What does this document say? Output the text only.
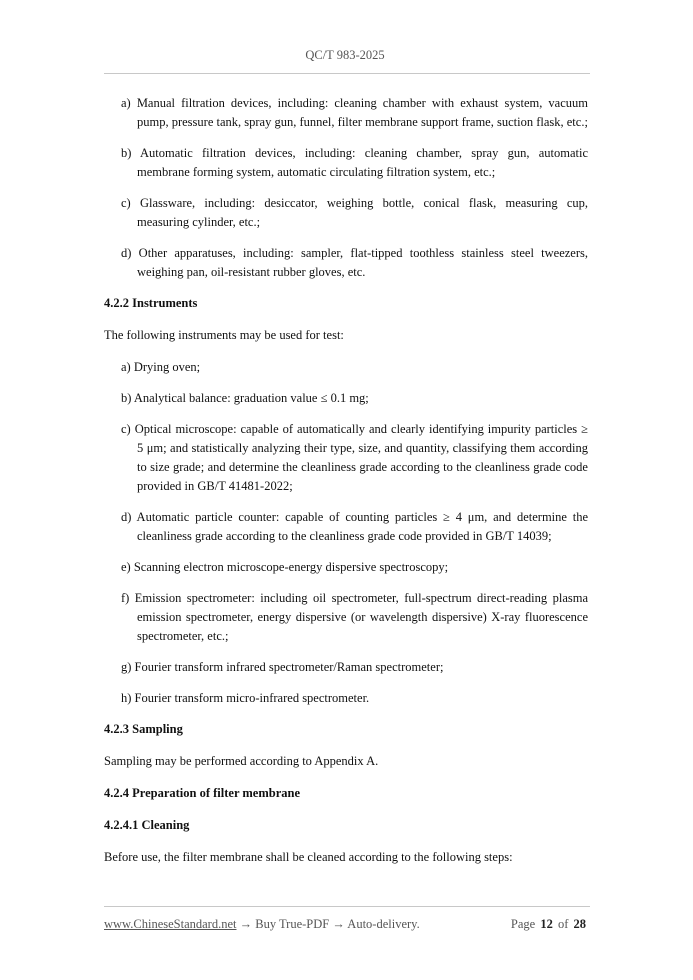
QC/T 983-2025

a) Manual filtration devices, including: cleaning chamber with exhaust system, vacuum pump, pressure tank, spray gun, funnel, filter membrane support frame, suction flask, etc.;

b) Automatic filtration devices, including: cleaning chamber, spray gun, automatic membrane forming system, automatic circulating filtration system, etc.;

c) Glassware, including: desiccator, weighing bottle, conical flask, measuring cup, measuring cylinder, etc.;

d) Other apparatuses, including: sampler, flat-tipped toothless stainless steel tweezers, weighing pan, oil-resistant rubber gloves, etc.

4.2.2 Instruments

The following instruments may be used for test:

a) Drying oven;

b) Analytical balance: graduation value ≤ 0.1 mg;

c) Optical microscope: capable of automatically and clearly identifying impurity particles ≥ 5 μm; and statistically analyzing their type, size, and quantity, classifying them according to size grade; and determine the cleanliness grade according to the cleanliness grade code provided in GB/T 41481-2022;

d) Automatic particle counter: capable of counting particles ≥ 4 μm, and determine the cleanliness grade according to the cleanliness grade code provided in GB/T 14039;

e) Scanning electron microscope-energy dispersive spectroscopy;

f) Emission spectrometer: including oil spectrometer, full-spectrum direct-reading plasma emission spectrometer, energy dispersive (or wavelength dispersive) X-ray fluorescence spectrometer, etc.;

g) Fourier transform infrared spectrometer/Raman spectrometer;

h) Fourier transform micro-infrared spectrometer.

4.2.3 Sampling

Sampling may be performed according to Appendix A.

4.2.4 Preparation of filter membrane

4.2.4.1 Cleaning

Before use, the filter membrane shall be cleaned according to the following steps:

www.ChineseStandard.net → Buy True-PDF → Auto-delivery.	Page 12 of 28
